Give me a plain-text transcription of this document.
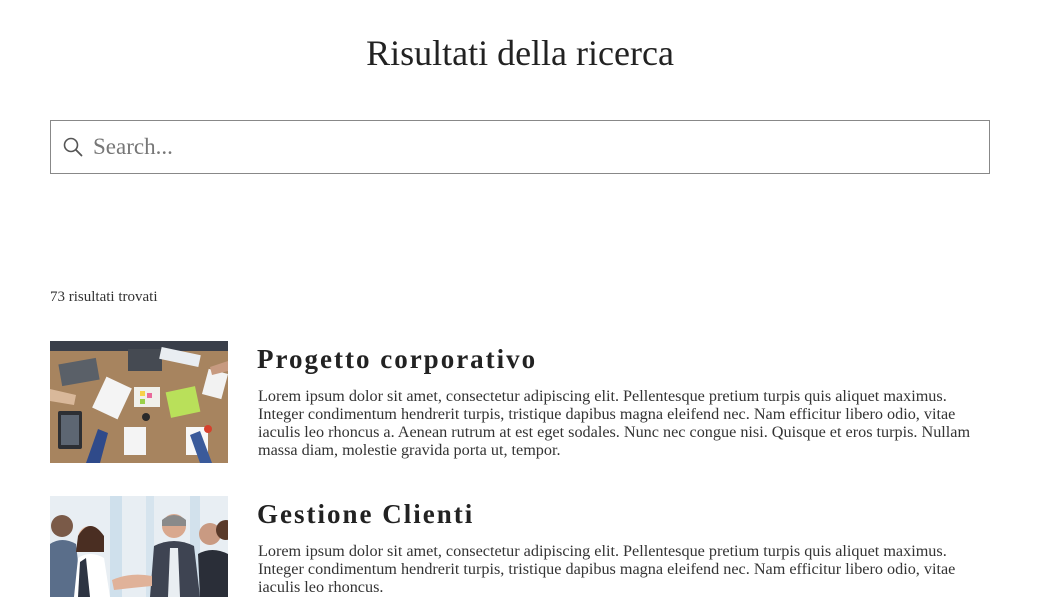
Risultati della ricerca
Search...
73 risultati trovati
Progetto corporativo

Lorem ipsum dolor sit amet, consectetur adipiscing elit. Pellentesque pretium turpis quis aliquet maximus. Integer condimentum hendrerit turpis, tristique dapibus magna eleifend nec. Nam efficitur libero odio, vitae iaculis leo rhoncus a. Aenean rutrum at est eget sodales. Nunc nec congue nisi. Quisque et eros turpis. Nullam massa diam, molestie gravida porta ut, tempor.

Gestione Clienti

Lorem ipsum dolor sit amet, consectetur adipiscing elit. Pellentesque pretium turpis quis aliquet maximus. Integer condimentum hendrerit turpis, tristique dapibus magna eleifend nec. Nam efficitur libero odio, vitae iaculis leo rhoncus.
